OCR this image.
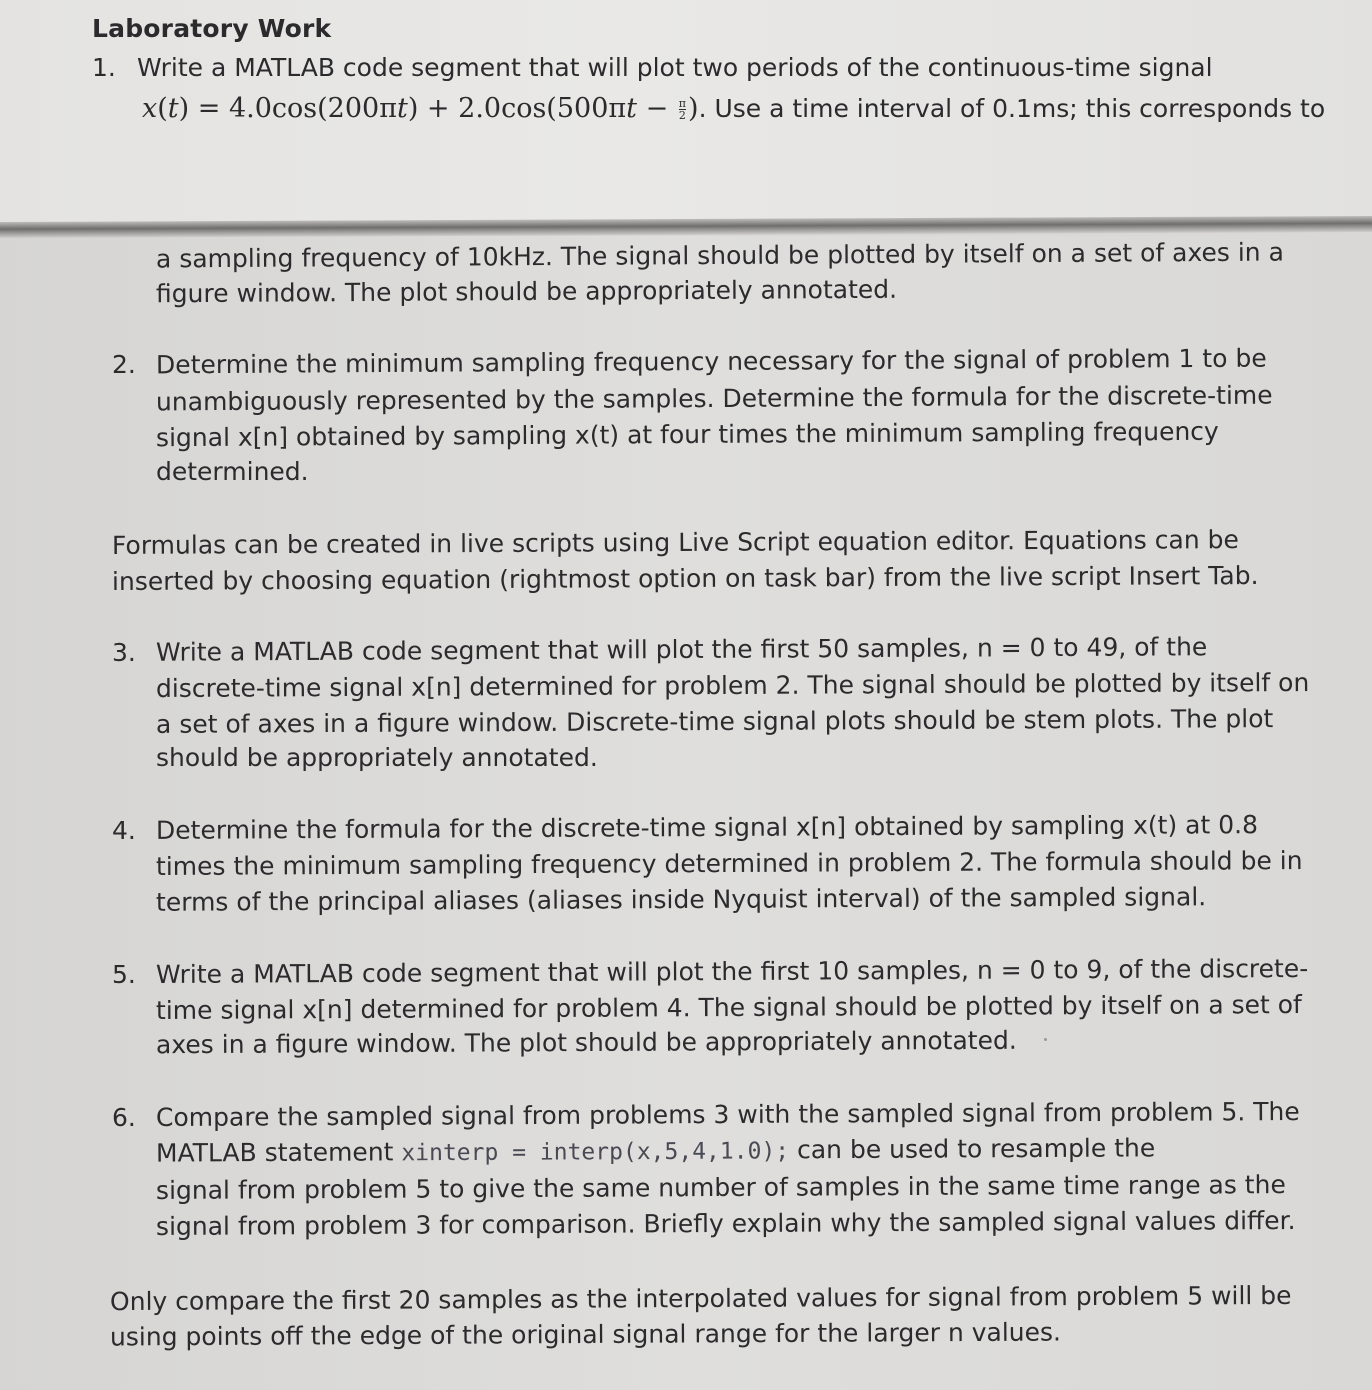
Laboratory Work
1. Write a MATLAB code segment that will plot two periods of the continuous-time signal
$x(t) = 4.0\cos(200\pi t) + 2.0\cos(500\pi t - \frac{\pi}{2}$ ). Use a time interval of 0.1ms; this corresponds to
a sampling frequency of 10kHz. The signal should be plotted by itself on a set of axes in a
figure window. The plot should be appropriately annotated.
2. Determine the minimum sampling frequency necessary for the signal of problem 1 to be
unambiguously represented by the samples. Determine the formula for the discrete-time
signal x[n] obtained by sampling x(t) at four times the minimum sampling frequency
determined.
Formulas can be created in live scripts using Live Script equation editor. Equations can be
inserted by choosing equation (rightmost option on task bar) from the live script Insert Tab.
3. Write a MATLAB code segment that will plot the first 50 samples, n = 0 to 49, of the
discrete-time signal x[n] determined for problem 2. The signal should be plotted by itself on
a set of axes in a figure window. Discrete-time signal plots should be stem plots. The plot
should be appropriately annotated.
4. Determine the formula for the discrete-time signal x[n] obtained by sampling x(t) at 0.8
times the minimum sampling frequency determined in problem 2. The formula should be in
terms of the principal aliases (aliases inside Nyquist interval) of the sampled signal.
5. Write a MATLAB code segment that will plot the first 10 samples, n = 0 to 9, of the discrete-
time signal x[n] determined for problem 4. The signal should be plotted by itself on a set of
axes in a figure window. The plot should be appropriately annotated.
6. Compare the sampled signal from problems 3 with the sampled signal from problem 5. The
MATLAB statement xinterp = interp(x,5,4,1.0); can be used to resample the
signal from problem 5 to give the same number of samples in the same time range as the
signal from problem 3 for comparison. Briefly explain why the sampled signal values differ.
Only compare the first 20 samples as the interpolated values for signal from problem 5 will be
using points off the edge of the original signal range for the larger n values.
